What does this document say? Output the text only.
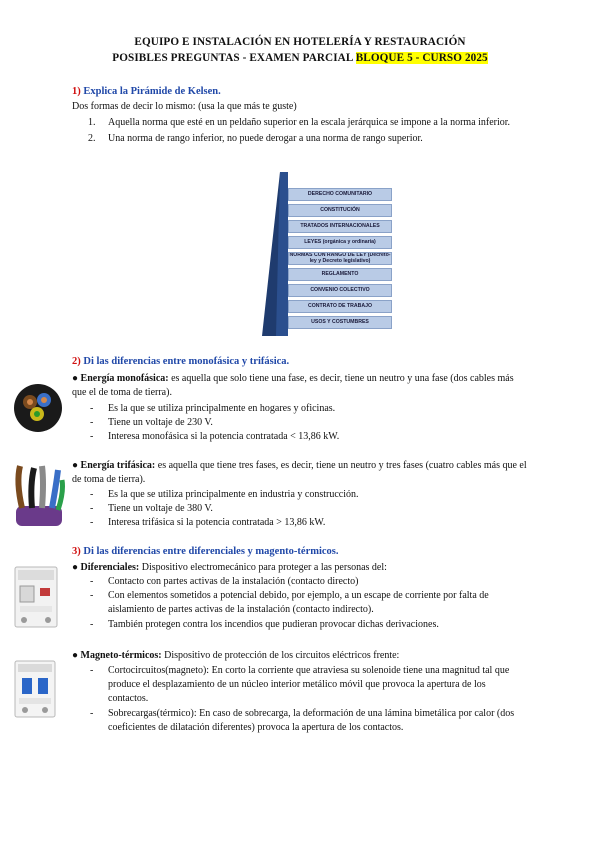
EQUIPO E INSTALACIÓN EN HOTELERÍA Y RESTAURACIÓN
POSIBLES PREGUNTAS - EXAMEN PARCIAL BLOQUE 5 - CURSO 2025
1) Explica la Pirámide de Kelsen.
Dos formas de decir lo mismo: (usa la que más te guste)
1. Aquella norma que esté en un peldaño superior en la escala jerárquica se impone a la norma inferior.
2. Una norma de rango inferior, no puede derogar a una norma de rango superior.
DERECHO COMUNITARIO
CONSTITUCIÓN
TRATADOS INTERNACIONALES
LEYES (orgánica y ordinaria)
NORMAS CON RANGO DE LEY (Decreto-ley y Decreto legislativo)
REGLAMENTO
CONVENIO COLECTIVO
CONTRATO DE TRABAJO
USOS Y COSTUMBRES
2) Di las diferencias entre monofásica y trifásica.
● Energía monofásica: es aquella que solo tiene una fase, es decir, tiene un neutro y una fase (dos cables más que el de toma de tierra).
- Es la que se utiliza principalmente en hogares y oficinas.
- Tiene un voltaje de 230 V.
- Interesa monofásica si la potencia contratada < 13,86 kW.
● Energía trifásica: es aquella que tiene tres fases, es decir, tiene un neutro y tres fases (cuatro cables más que el de toma de tierra).
- Es la que se utiliza principalmente en industria y construcción.
- Tiene un voltaje de 380 V.
- Interesa trifásica si la potencia contratada > 13,86 kW.
3) Di las diferencias entre diferenciales y magento-térmicos.
● Diferenciales: Dispositivo electromecánico para proteger a las personas del:
- Contacto con partes activas de la instalación (contacto directo)
- Con elementos sometidos a potencial debido, por ejemplo, a un escape de corriente por falta de aislamiento de partes activas de la instalación (contacto indirecto).
- También protegen contra los incendios que pudieran provocar dichas derivaciones.
● Magneto-térmicos: Dispositivo de protección de los circuitos eléctricos frente:
- Cortocircuitos(magneto): En corto la corriente que atraviesa su solenoide tiene una magnitud tal que produce el desplazamiento de un núcleo interior metálico móvil que provoca la apertura de los contactos.
- Sobrecargas(térmico): En caso de sobrecarga, la deformación de una lámina bimetálica por calor (dos coeficientes de dilatación diferentes) provoca la apertura de los contactos.
